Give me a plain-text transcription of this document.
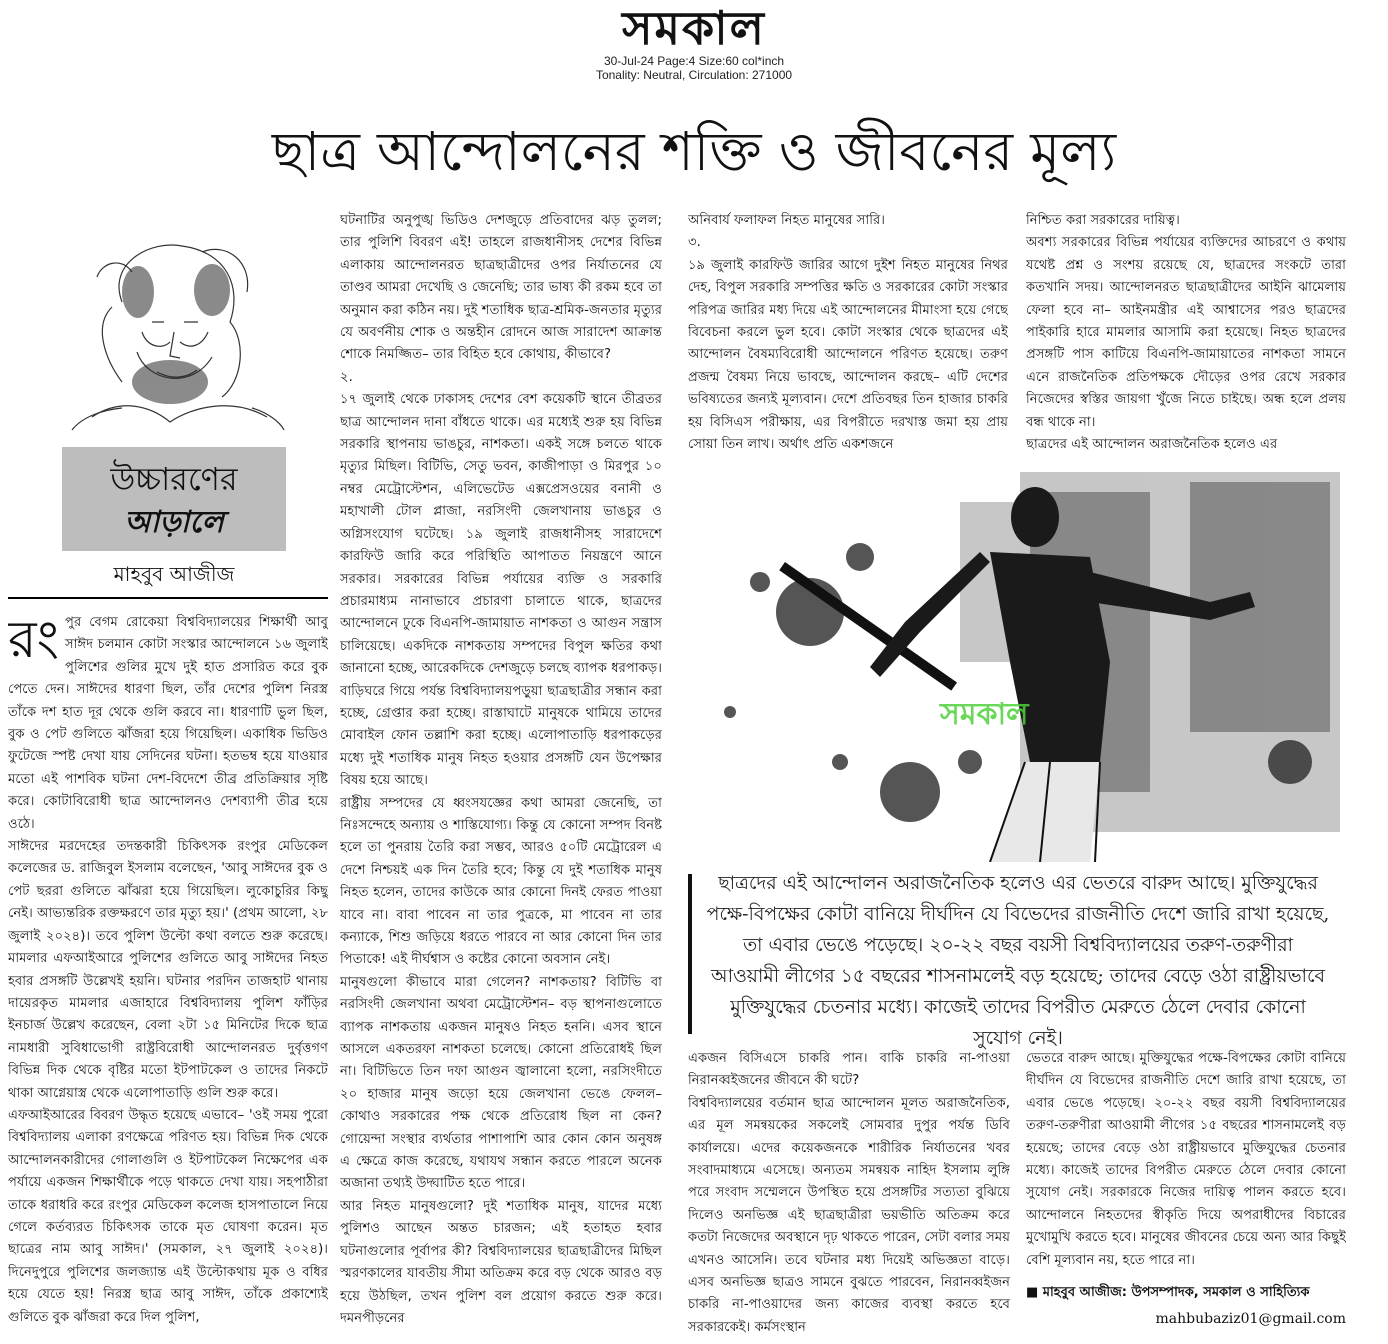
সমকাল
30-Jul-24 Page:4 Size:60 col*inch
Tonality: Neutral, Circulation: 271000
ছাত্র আন্দোলনের শক্তি ও জীবনের মূল্য
উচ্চারণের
আড়ালে
মাহবুব আজীজ

রং পুর বেগম রোকেয়া বিশ্ববিদ্যালয়ের শিক্ষার্থী আবু সাঈদ চলমান কোটা সংস্কার আন্দোলনে ১৬ জুলাই পুলিশের গুলির মুখে দুই হাত প্রসারিত করে বুক পেতে দেন। সাঈদের ধারণা ছিল, তাঁর দেশের পুলিশ নিরস্ত্র তাঁকে দশ হাত দূর থেকে গুলি করবে না। ধারণাটি ভুল ছিল, বুক ও পেট গুলিতে ঝাঁজরা হয়ে গিয়েছিল। একাধিক ভিডিও ফুটেজে স্পষ্ট দেখা যায় সেদিনের ঘটনা। হতভম্ব হয়ে যাওয়ার মতো এই পাশবিক ঘটনা দেশ-বিদেশে তীব্র প্রতিক্রিয়ার সৃষ্টি করে। কোটাবিরোধী ছাত্র আন্দোলনও দেশব্যাপী তীব্র হয়ে ওঠে।

সাঈদের মরদেহের তদন্তকারী চিকিৎসক রংপুর মেডিকেল কলেজের ড. রাজিবুল ইসলাম বলেছেন, 'আবু সাঈদের বুক ও পেট ছররা গুলিতে ঝাঁঝরা হয়ে গিয়েছিল। লুকোচুরির কিছু নেই। আভ্যন্তরিক রক্তক্ষরণে তার মৃত্যু হয়।' (প্রথম আলো, ২৮ জুলাই ২০২৪)। তবে পুলিশ উল্টো কথা বলতে শুরু করেছে। মামলার এফআইআরে পুলিশের গুলিতে আবু সাঈদের নিহত হবার প্রসঙ্গটি উল্লেখই হয়নি। ঘটনার পরদিন তাজহাট থানায় দায়েরকৃত মামলার এজাহারে বিশ্ববিদ্যালয় পুলিশ ফাঁড়ির ইনচার্জ উল্লেখ করেছেন, বেলা ২টা ১৫ মিনিটের দিকে ছাত্র নামধারী সুবিধাভোগী রাষ্ট্রবিরোধী আন্দোলনরত দুর্বৃত্তগণ বিভিন্ন দিক থেকে বৃষ্টির মতো ইটপাটকেল ও তাদের নিকটে থাকা আগ্নেয়াস্ত্র থেকে এলোপাতাড়ি গুলি শুরু করে।

এফআইআরের বিবরণ উদ্ধৃত হয়েছে এভাবে– 'ওই সময় পুরো বিশ্ববিদ্যালয় এলাকা রণক্ষেত্রে পরিণত হয়। বিভিন্ন দিক থেকে আন্দোলনকারীদের গোলাগুলি ও ইটপাটকেল নিক্ষেপের এক পর্যায়ে একজন শিক্ষার্থীকে পড়ে থাকতে দেখা যায়। সহপাঠীরা তাকে ধরাধরি করে রংপুর মেডিকেল কলেজ হাসপাতালে নিয়ে গেলে কর্তব্যরত চিকিৎসক তাকে মৃত ঘোষণা করেন। মৃত ছাত্রের নাম আবু সাঈদ।' (সমকাল, ২৭ জুলাই ২০২৪)। দিনেদুপুরে পুলিশের জলজ্যান্ত এই উল্টোকথায় মূক ও বধির হয়ে যেতে হয়! নিরস্ত্র ছাত্র আবু সাঈদ, তাঁকে প্রকাশ্যেই গুলিতে বুক ঝাঁজরা করে দিল পুলিশ,

ঘটনাটির অনুপুঙ্খ ভিডিও দেশজুড়ে প্রতিবাদের ঝড় তুলল; তার পুলিশি বিবরণ এই! তাহলে রাজধানীসহ দেশের বিভিন্ন এলাকায় আন্দোলনরত ছাত্রছাত্রীদের ওপর নির্যাতনের যে তাণ্ডব আমরা দেখেছি ও জেনেছি; তার ভাষ্য কী রকম হবে তা অনুমান করা কঠিন নয়। দুই শতাধিক ছাত্র-শ্রমিক-জনতার মৃত্যুর যে অবর্ণনীয় শোক ও অন্তহীন রোদনে আজ সারাদেশ আক্রান্ত শোকে নিমজ্জিত– তার বিহিত হবে কোথায়, কীভাবে?

২.

১৭ জুলাই থেকে ঢাকাসহ দেশের বেশ কয়েকটি স্থানে তীব্রতর ছাত্র আন্দোলন দানা বাঁধতে থাকে। এর মধ্যেই শুরু হয় বিভিন্ন সরকারি স্থাপনায় ভাঙচুর, নাশকতা। একই সঙ্গে চলতে থাকে মৃত্যুর মিছিল। বিটিভি, সেতু ভবন, কাজীপাড়া ও মিরপুর ১০ নম্বর মেট্রোস্টেশন, এলিভেটেড এক্সপ্রেসওয়ের বনানী ও মহাখালী টোল প্লাজা, নরসিংদী জেলখানায় ভাঙচুর ও অগ্নিসংযোগ ঘটেছে। ১৯ জুলাই রাজধানীসহ সারাদেশে কারফিউ জারি করে পরিস্থিতি আপাতত নিয়ন্ত্রণে আনে সরকার। সরকারের বিভিন্ন পর্যায়ের ব্যক্তি ও সরকারি প্রচারমাধ্যম নানাভাবে প্রচারণা চালাতে থাকে, ছাত্রদের আন্দোলনে ঢুকে বিএনপি-জামায়াত নাশকতা ও আগুন সন্ত্রাস চালিয়েছে। একদিকে নাশকতায় সম্পদের বিপুল ক্ষতির কথা জানানো হচ্ছে, আরেকদিকে দেশজুড়ে চলছে ব্যাপক ধরপাকড়। বাড়িঘরে গিয়ে পর্যন্ত বিশ্ববিদ্যালয়পড়ুয়া ছাত্রছাত্রীর সন্ধান করা হচ্ছে, গ্রেপ্তার করা হচ্ছে। রাস্তাঘাটে মানুষকে থামিয়ে তাদের মোবাইল ফোন তল্লাশি করা হচ্ছে। এলোপাতাড়ি ধরপাকড়ের মধ্যে দুই শতাধিক মানুষ নিহত হওয়ার প্রসঙ্গটি যেন উপেক্ষার বিষয় হয়ে আছে।

রাষ্ট্রীয় সম্পদের যে ধ্বংসযজ্ঞের কথা আমরা জেনেছি, তা নিঃসন্দেহে অন্যায় ও শাস্তিযোগ্য। কিন্তু যে কোনো সম্পদ বিনষ্ট হলে তা পুনরায় তৈরি করা সম্ভব, আরও ৫০টি মেট্রোরেল এ দেশে নিশ্চয়ই এক দিন তৈরি হবে; কিন্তু যে দুই শতাধিক মানুষ নিহত হলেন, তাদের কাউকে আর কোনো দিনই ফেরত পাওয়া যাবে না। বাবা পাবেন না তার পুত্রকে, মা পাবেন না তার কন্যাকে, শিশু জড়িয়ে ধরতে পারবে না আর কোনো দিন তার পিতাকে! এই দীর্ঘশ্বাস ও কষ্টের কোনো অবসান নেই।

মানুষগুলো কীভাবে মারা গেলেন? নাশকতায়? বিটিভি বা নরসিংদী জেলখানা অথবা মেট্রোস্টেশন– বড় স্থাপনাগুলোতে ব্যাপক নাশকতায় একজন মানুষও নিহত হননি। এসব স্থানে আসলে একতরফা নাশকতা চলেছে। কোনো প্রতিরোধই ছিল না। বিটিভিতে তিন দফা আগুন জ্বালানো হলো, নরসিংদীতে ২০ হাজার মানুষ জড়ো হয়ে জেলখানা ভেঙে ফেলল– কোথাও সরকারের পক্ষ থেকে প্রতিরোধ ছিল না কেন? গোয়েন্দা সংস্থার ব্যর্থতার পাশাপাশি আর কোন কোন অনুষঙ্গ এ ক্ষেত্রে কাজ করেছে, যথাযথ সন্ধান করতে পারলে অনেক অজানা তথ্যই উদ্ঘাটিত হতে পারে।

আর নিহত মানুষগুলো? দুই শতাধিক মানুষ, যাদের মধ্যে পুলিশও আছেন অন্তত চারজন; এই হতাহত হবার ঘটনাগুলোর পূর্বাপর কী? বিশ্ববিদ্যালয়ের ছাত্রছাত্রীদের মিছিল স্মরণকালের যাবতীয় সীমা অতিক্রম করে বড় থেকে আরও বড় হয়ে উঠছিল, তখন পুলিশ বল প্রয়োগ করতে শুরু করে। দমনপীড়নের

অনিবার্য ফলাফল নিহত মানুষের সারি।

৩.

১৯ জুলাই কারফিউ জারির আগে দুইশ নিহত মানুষের নিথর দেহ, বিপুল সরকারি সম্পত্তির ক্ষতি ও সরকারের কোটা সংস্কার পরিপত্র জারির মধ্য দিয়ে এই আন্দোলনের মীমাংসা হয়ে গেছে বিবেচনা করলে ভুল হবে। কোটা সংস্কার থেকে ছাত্রদের এই আন্দোলন বৈষম্যবিরোধী আন্দোলনে পরিণত হয়েছে। তরুণ প্রজন্ম বৈষম্য নিয়ে ভাবছে, আন্দোলন করছে– এটি দেশের ভবিষ্যতের জন্যই মূল্যবান। দেশে প্রতিবছর তিন হাজার চাকরি হয় বিসিএস পরীক্ষায়, এর বিপরীতে দরখাস্ত জমা হয় প্রায় সোয়া তিন লাখ। অর্থাৎ প্রতি একশজনে

নিশ্চিত করা সরকারের দায়িত্ব।

অবশ্য সরকারের বিভিন্ন পর্যায়ের ব্যক্তিদের আচরণে ও কথায় যথেষ্ট প্রশ্ন ও সংশয় রয়েছে যে, ছাত্রদের সংকটে তারা কতখানি সদয়। আন্দোলনরত ছাত্রছাত্রীদের আইনি ঝামেলায় ফেলা হবে না– আইনমন্ত্রীর এই আশ্বাসের পরও ছাত্রদের পাইকারি হারে মামলার আসামি করা হয়েছে। নিহত ছাত্রদের প্রসঙ্গটি পাস কাটিয়ে বিএনপি-জামায়াতের নাশকতা সামনে এনে রাজনৈতিক প্রতিপক্ষকে দৌড়ের ওপর রেখে সরকার নিজেদের স্বস্তির জায়গা খুঁজে নিতে চাইছে। অন্ধ হলে প্রলয় বন্ধ থাকে না।

ছাত্রদের এই আন্দোলন অরাজনৈতিক হলেও এর

সমকাল
ছাত্রদের এই আন্দোলন অরাজনৈতিক হলেও এর ভেতরে বারুদ আছে। মুক্তিযুদ্ধের পক্ষে-বিপক্ষের কোটা বানিয়ে দীর্ঘদিন যে বিভেদের রাজনীতি দেশে জারি রাখা হয়েছে, তা এবার ভেঙে পড়েছে। ২০-২২ বছর বয়সী বিশ্ববিদ্যালয়ের তরুণ-তরুণীরা আওয়ামী লীগের ১৫ বছরের শাসনামলেই বড় হয়েছে; তাদের বেড়ে ওঠা রাষ্ট্রীয়ভাবে মুক্তিযুদ্ধের চেতনার মধ্যে। কাজেই তাদের বিপরীত মেরুতে ঠেলে দেবার কোনো সুযোগ নেই।

একজন বিসিএসে চাকরি পান। বাকি চাকরি না-পাওয়া নিরানব্বইজনের জীবনে কী ঘটে?

বিশ্ববিদ্যালয়ের বর্তমান ছাত্র আন্দোলন মূলত অরাজনৈতিক, এর মূল সমন্বয়কের সকলেই সোমবার দুপুর পর্যন্ত ডিবি কার্যালয়ে। এদের কয়েকজনকে শারীরিক নির্যাতনের খবর সংবাদমাধ্যমে এসেছে। অন্যতম সমন্বয়ক নাহিদ ইসলাম লুঙ্গি পরে সংবাদ সম্মেলনে উপস্থিত হয়ে প্রসঙ্গটির সত্যতা বুঝিয়ে দিলেও অনভিজ্ঞ এই ছাত্রছাত্রীরা ভয়ভীতি অতিক্রম করে কতটা নিজেদের অবস্থানে দৃঢ় থাকতে পারেন, সেটা বলার সময় এখনও আসেনি। তবে ঘটনার মধ্য দিয়েই অভিজ্ঞতা বাড়ে। এসব অনভিজ্ঞ ছাত্রও সামনে বুঝতে পারবেন, নিরানব্বইজন চাকরি না-পাওয়াদের জন্য কাজের ব্যবস্থা করতে হবে সরকারকেই। কর্মসংস্থান

ভেতরে বারুদ আছে। মুক্তিযুদ্ধের পক্ষে-বিপক্ষের কোটা বানিয়ে দীর্ঘদিন যে বিভেদের রাজনীতি দেশে জারি রাখা হয়েছে, তা এবার ভেঙে পড়েছে। ২০-২২ বছর বয়সী বিশ্ববিদ্যালয়ের তরুণ-তরুণীরা আওয়ামী লীগের ১৫ বছরের শাসনামলেই বড় হয়েছে; তাদের বেড়ে ওঠা রাষ্ট্রীয়ভাবে মুক্তিযুদ্ধের চেতনার মধ্যে। কাজেই তাদের বিপরীত মেরুতে ঠেলে দেবার কোনো সুযোগ নেই। সরকারকে নিজের দায়িত্ব পালন করতে হবে। আন্দোলনে নিহতদের স্বীকৃতি দিয়ে অপরাধীদের বিচারের মুখোমুখি করতে হবে। মানুষের জীবনের চেয়ে অন্য আর কিছুই বেশি মূল্যবান নয়, হতে পারে না।

■ মাহবুব আজীজ: উপসম্পাদক, সমকাল ও সাহিত্যিক
mahbubaziz01@gmail.com
